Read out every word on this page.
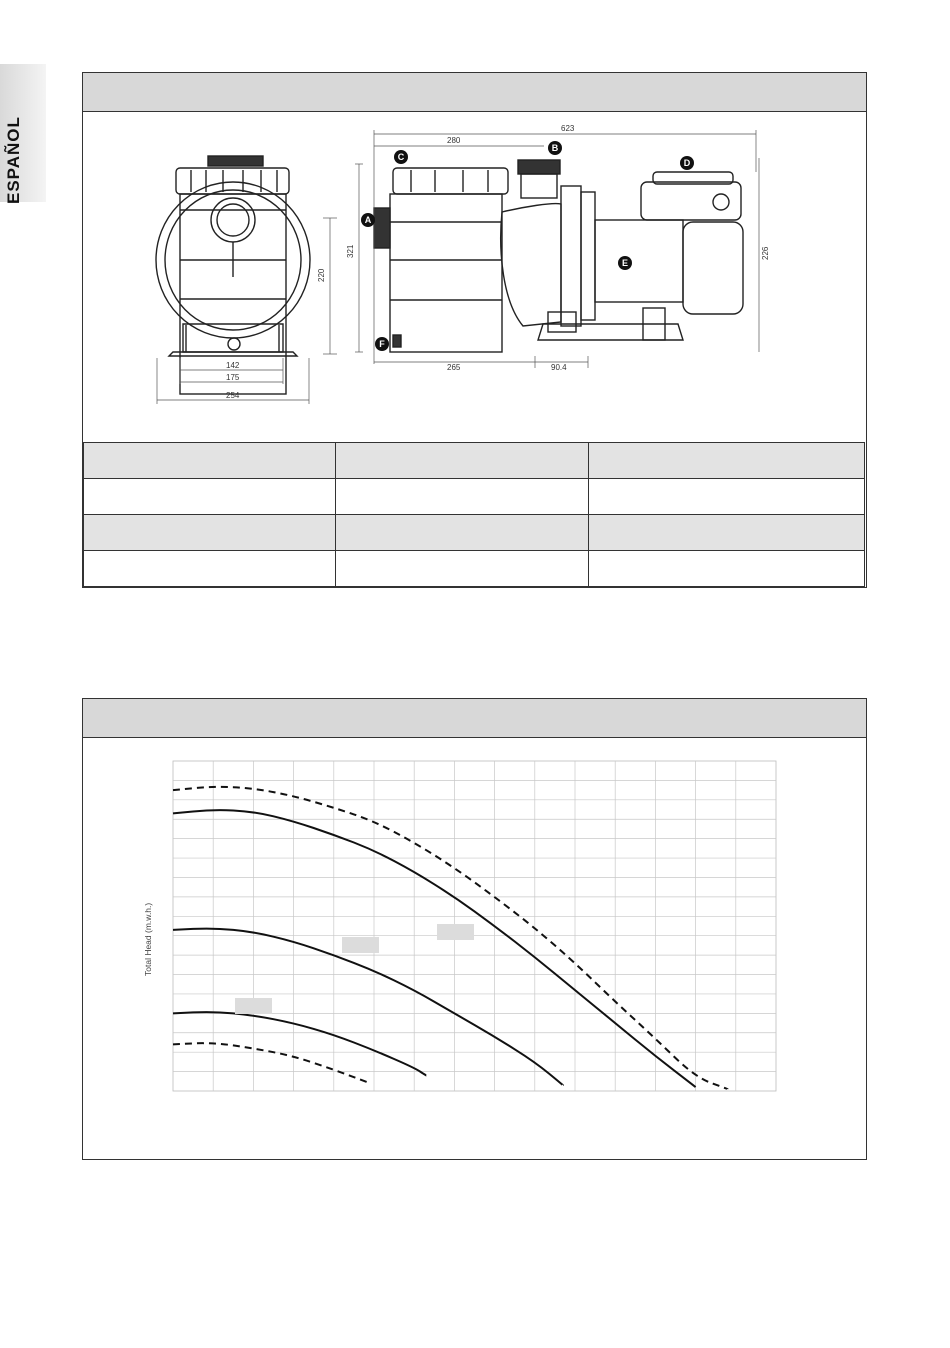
ESPAÑOL
220
142
175
254
623
280
321	226
265	90.4
A
B
C
D
E
F

Total Head (m.w.h.)
